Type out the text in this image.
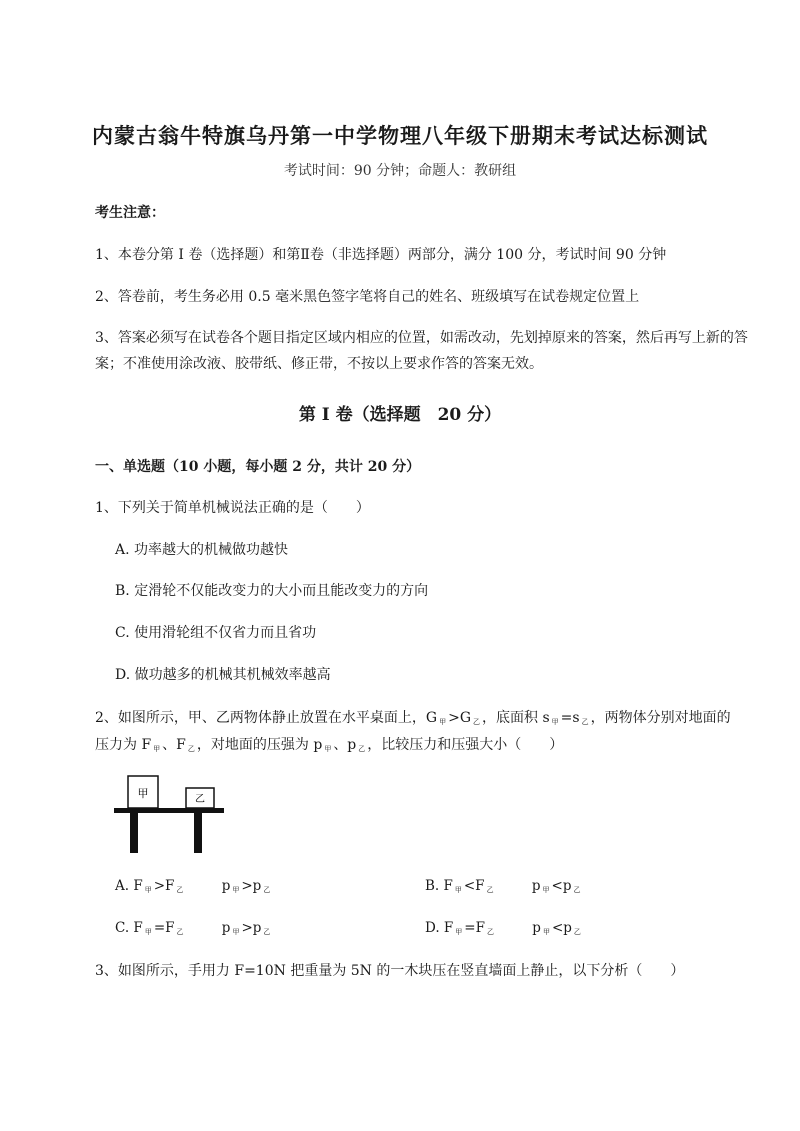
内蒙古翁牛特旗乌丹第一中学物理八年级下册期末考试达标测试
考试时间：90 分钟；命题人：教研组
考生注意：
1、本卷分第 I 卷（选择题）和第Ⅱ卷（非选择题）两部分，满分 100 分，考试时间 90 分钟
2、答卷前，考生务必用 0.5 毫米黑色签字笔将自己的姓名、班级填写在试卷规定位置上
3、答案必须写在试卷各个题目指定区域内相应的位置，如需改动，先划掉原来的答案，然后再写上新的答案；不准使用涂改液、胶带纸、修正带，不按以上要求作答的答案无效。
第 I 卷（选择题　20 分）
一、单选题（10 小题，每小题 2 分，共计 20 分）
1、下列关于简单机械说法正确的是（　　）
A. 功率越大的机械做功越快
B. 定滑轮不仅能改变力的大小而且能改变力的方向
C. 使用滑轮组不仅省力而且省功
D. 做功越多的机械其机械效率越高
2、如图所示，甲、乙两物体静止放置在水平桌面上，G $_甲$ >G $_乙$ ，底面积 s $_甲$ =s $_乙$ ，两物体分别对地面的
压力为 F $_甲$ 、F $_乙$ ，对地面的压强为 p $_甲$ 、p $_乙$ ，比较压力和压强大小（　　）
甲	乙
A. F $_甲$ >F $_乙$	p $_甲$ >p $_乙$	B. F $_甲$ <F $_乙$	p $_甲$ <p $_乙$
C. F $_甲$ =F $_乙$	p $_甲$ >p $_乙$	D. F $_甲$ =F $_乙$	p $_甲$ <p $_乙$
3、如图所示，手用力 F=10N 把重量为 5N 的一木块压在竖直墙面上静止，以下分析（　　）
